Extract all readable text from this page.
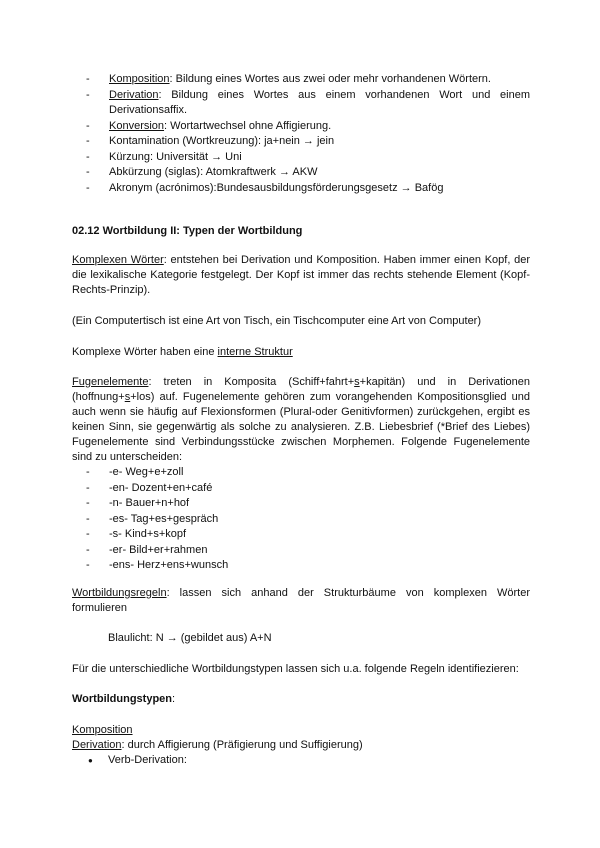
- Komposition: Bildung eines Wortes aus zwei oder mehr vorhandenen Wörtern.
- Derivation: Bildung eines Wortes aus einem vorhandenen Wort und einem Derivationsaffix.
- Konversion: Wortartwechsel ohne Affigierung.
- Kontamination (Wortkreuzung): ja+nein → jein
- Kürzung: Universität → Uni
- Abkürzung (siglas): Atomkraftwerk → AKW
- Akronym (acrónimos):Bundesausbildungsförderungsgesetz → Bafög
02.12 Wortbildung II: Typen der Wortbildung
Komplexen Wörter: entstehen bei Derivation und Komposition. Haben immer einen Kopf, der die lexikalische Kategorie festgelegt. Der Kopf ist immer das rechts stehende Element (Kopf-Rechts-Prinzip).
(Ein Computertisch ist eine Art von Tisch, ein Tischcomputer eine Art von Computer)
Komplexe Wörter haben eine interne Struktur
Fugenelemente: treten in Komposita (Schiff+fahrt+s+kapitän) und in Derivationen (hoffnung+s+los) auf. Fugenelemente gehören zum vorangehenden Kompositionsglied und auch wenn sie häufig auf Flexionsformen (Plural-oder Genitivformen) zurückgehen, ergibt es keinen Sinn, sie gegenwärtig als solche zu analysieren. Z.B. Liebesbrief (*Brief des Liebes) Fugenelemente sind Verbindungsstücke zwischen Morphemen. Folgende Fugenelemente sind zu unterscheiden:
- -e- Weg+e+zoll
- -en- Dozent+en+café
- -n- Bauer+n+hof
- -es- Tag+es+gespräch
- -s- Kind+s+kopf
- -er- Bild+er+rahmen
- -ens- Herz+ens+wunsch
Wortbildungsregeln: lassen sich anhand der Strukturbäume von komplexen Wörter formulieren
Blaulicht: N → (gebildet aus) A+N
Für die unterschiedliche Wortbildungstypen lassen sich u.a. folgende Regeln identifiezieren:
Wortbildungstypen:
Komposition
Derivation: durch Affigierung (Präfigierung und Suffigierung)
● Verb-Derivation:
